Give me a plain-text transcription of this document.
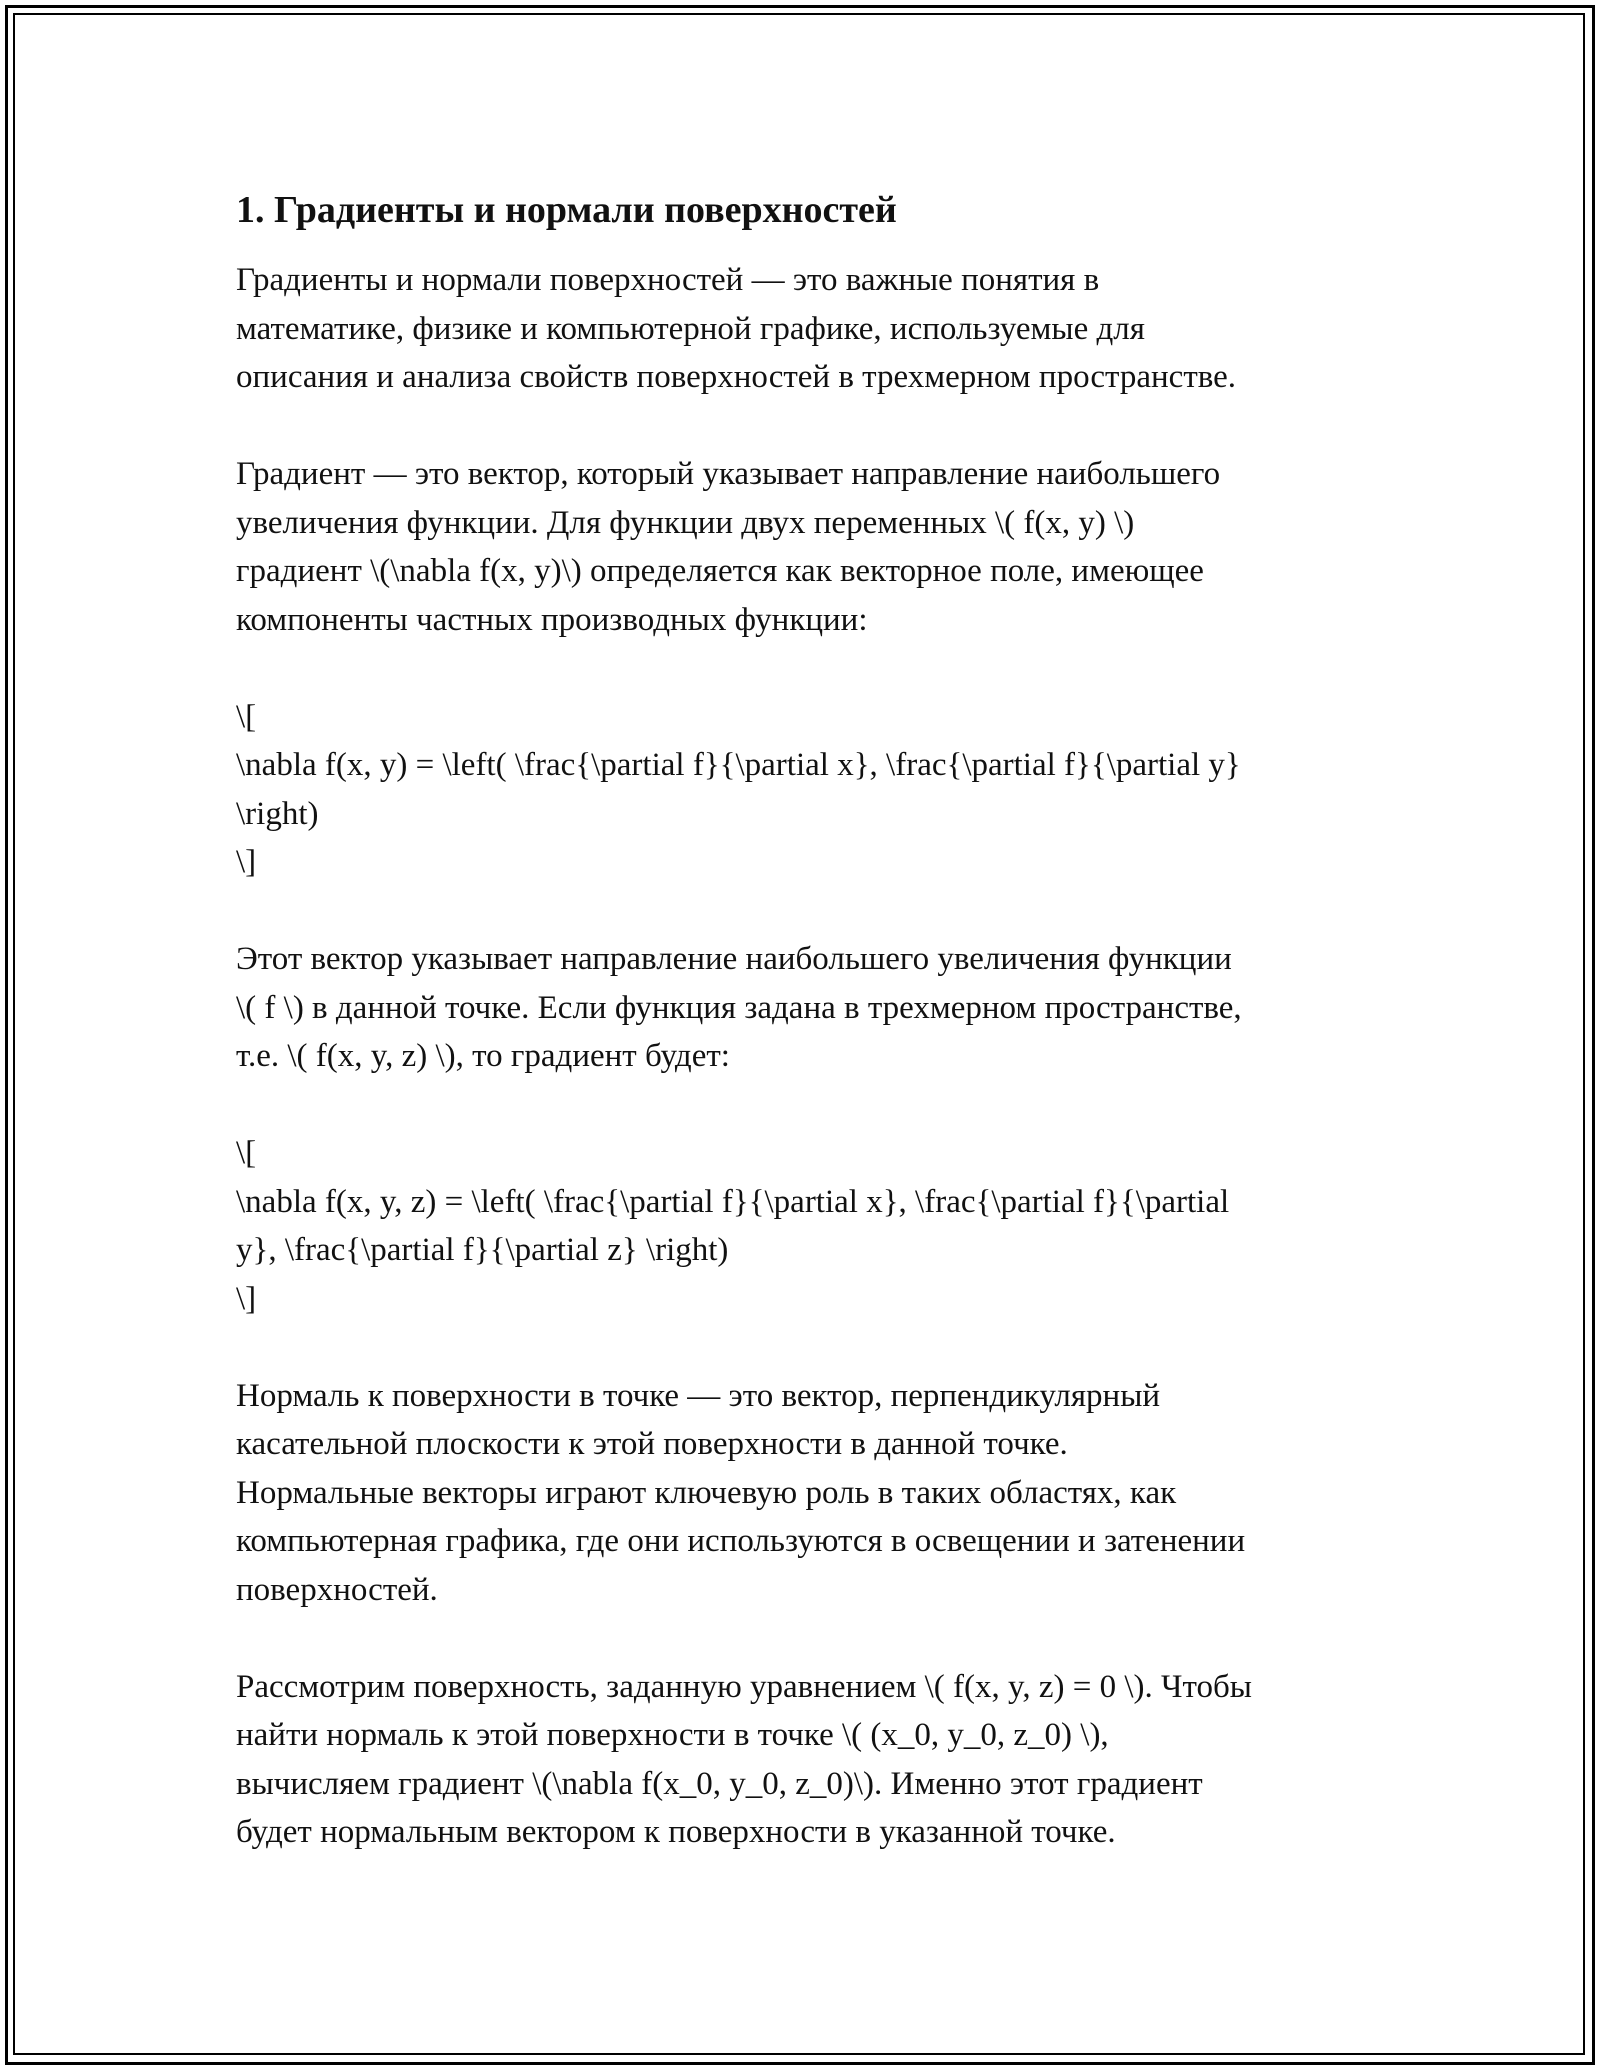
1. Градиенты и нормали поверхностей

Градиенты и нормали поверхностей — это важные понятия в
математике, физике и компьютерной графике, используемые для
описания и анализа свойств поверхностей в трехмерном пространстве.

Градиент — это вектор, который указывает направление наибольшего
увеличения функции. Для функции двух переменных \( f(x, y) \)
градиент \(\nabla f(x, y)\) определяется как векторное поле, имеющее
компоненты частных производных функции:

\[
\nabla f(x, y) = \left( \frac{\partial f}{\partial x}, \frac{\partial f}{\partial y}
\right)
\]

Этот вектор указывает направление наибольшего увеличения функции
\( f \) в данной точке. Если функция задана в трехмерном пространстве,
т.е. \( f(x, y, z) \), то градиент будет:

\[
\nabla f(x, y, z) = \left( \frac{\partial f}{\partial x}, \frac{\partial f}{\partial
y}, \frac{\partial f}{\partial z} \right)
\]

Нормаль к поверхности в точке — это вектор, перпендикулярный
касательной плоскости к этой поверхности в данной точке.
Нормальные векторы играют ключевую роль в таких областях, как
компьютерная графика, где они используются в освещении и затенении
поверхностей.

Рассмотрим поверхность, заданную уравнением \( f(x, y, z) = 0 \). Чтобы
найти нормаль к этой поверхности в точке \( (x_0, y_0, z_0) \),
вычисляем градиент \(\nabla f(x_0, y_0, z_0)\). Именно этот градиент
будет нормальным вектором к поверхности в указанной точке.
